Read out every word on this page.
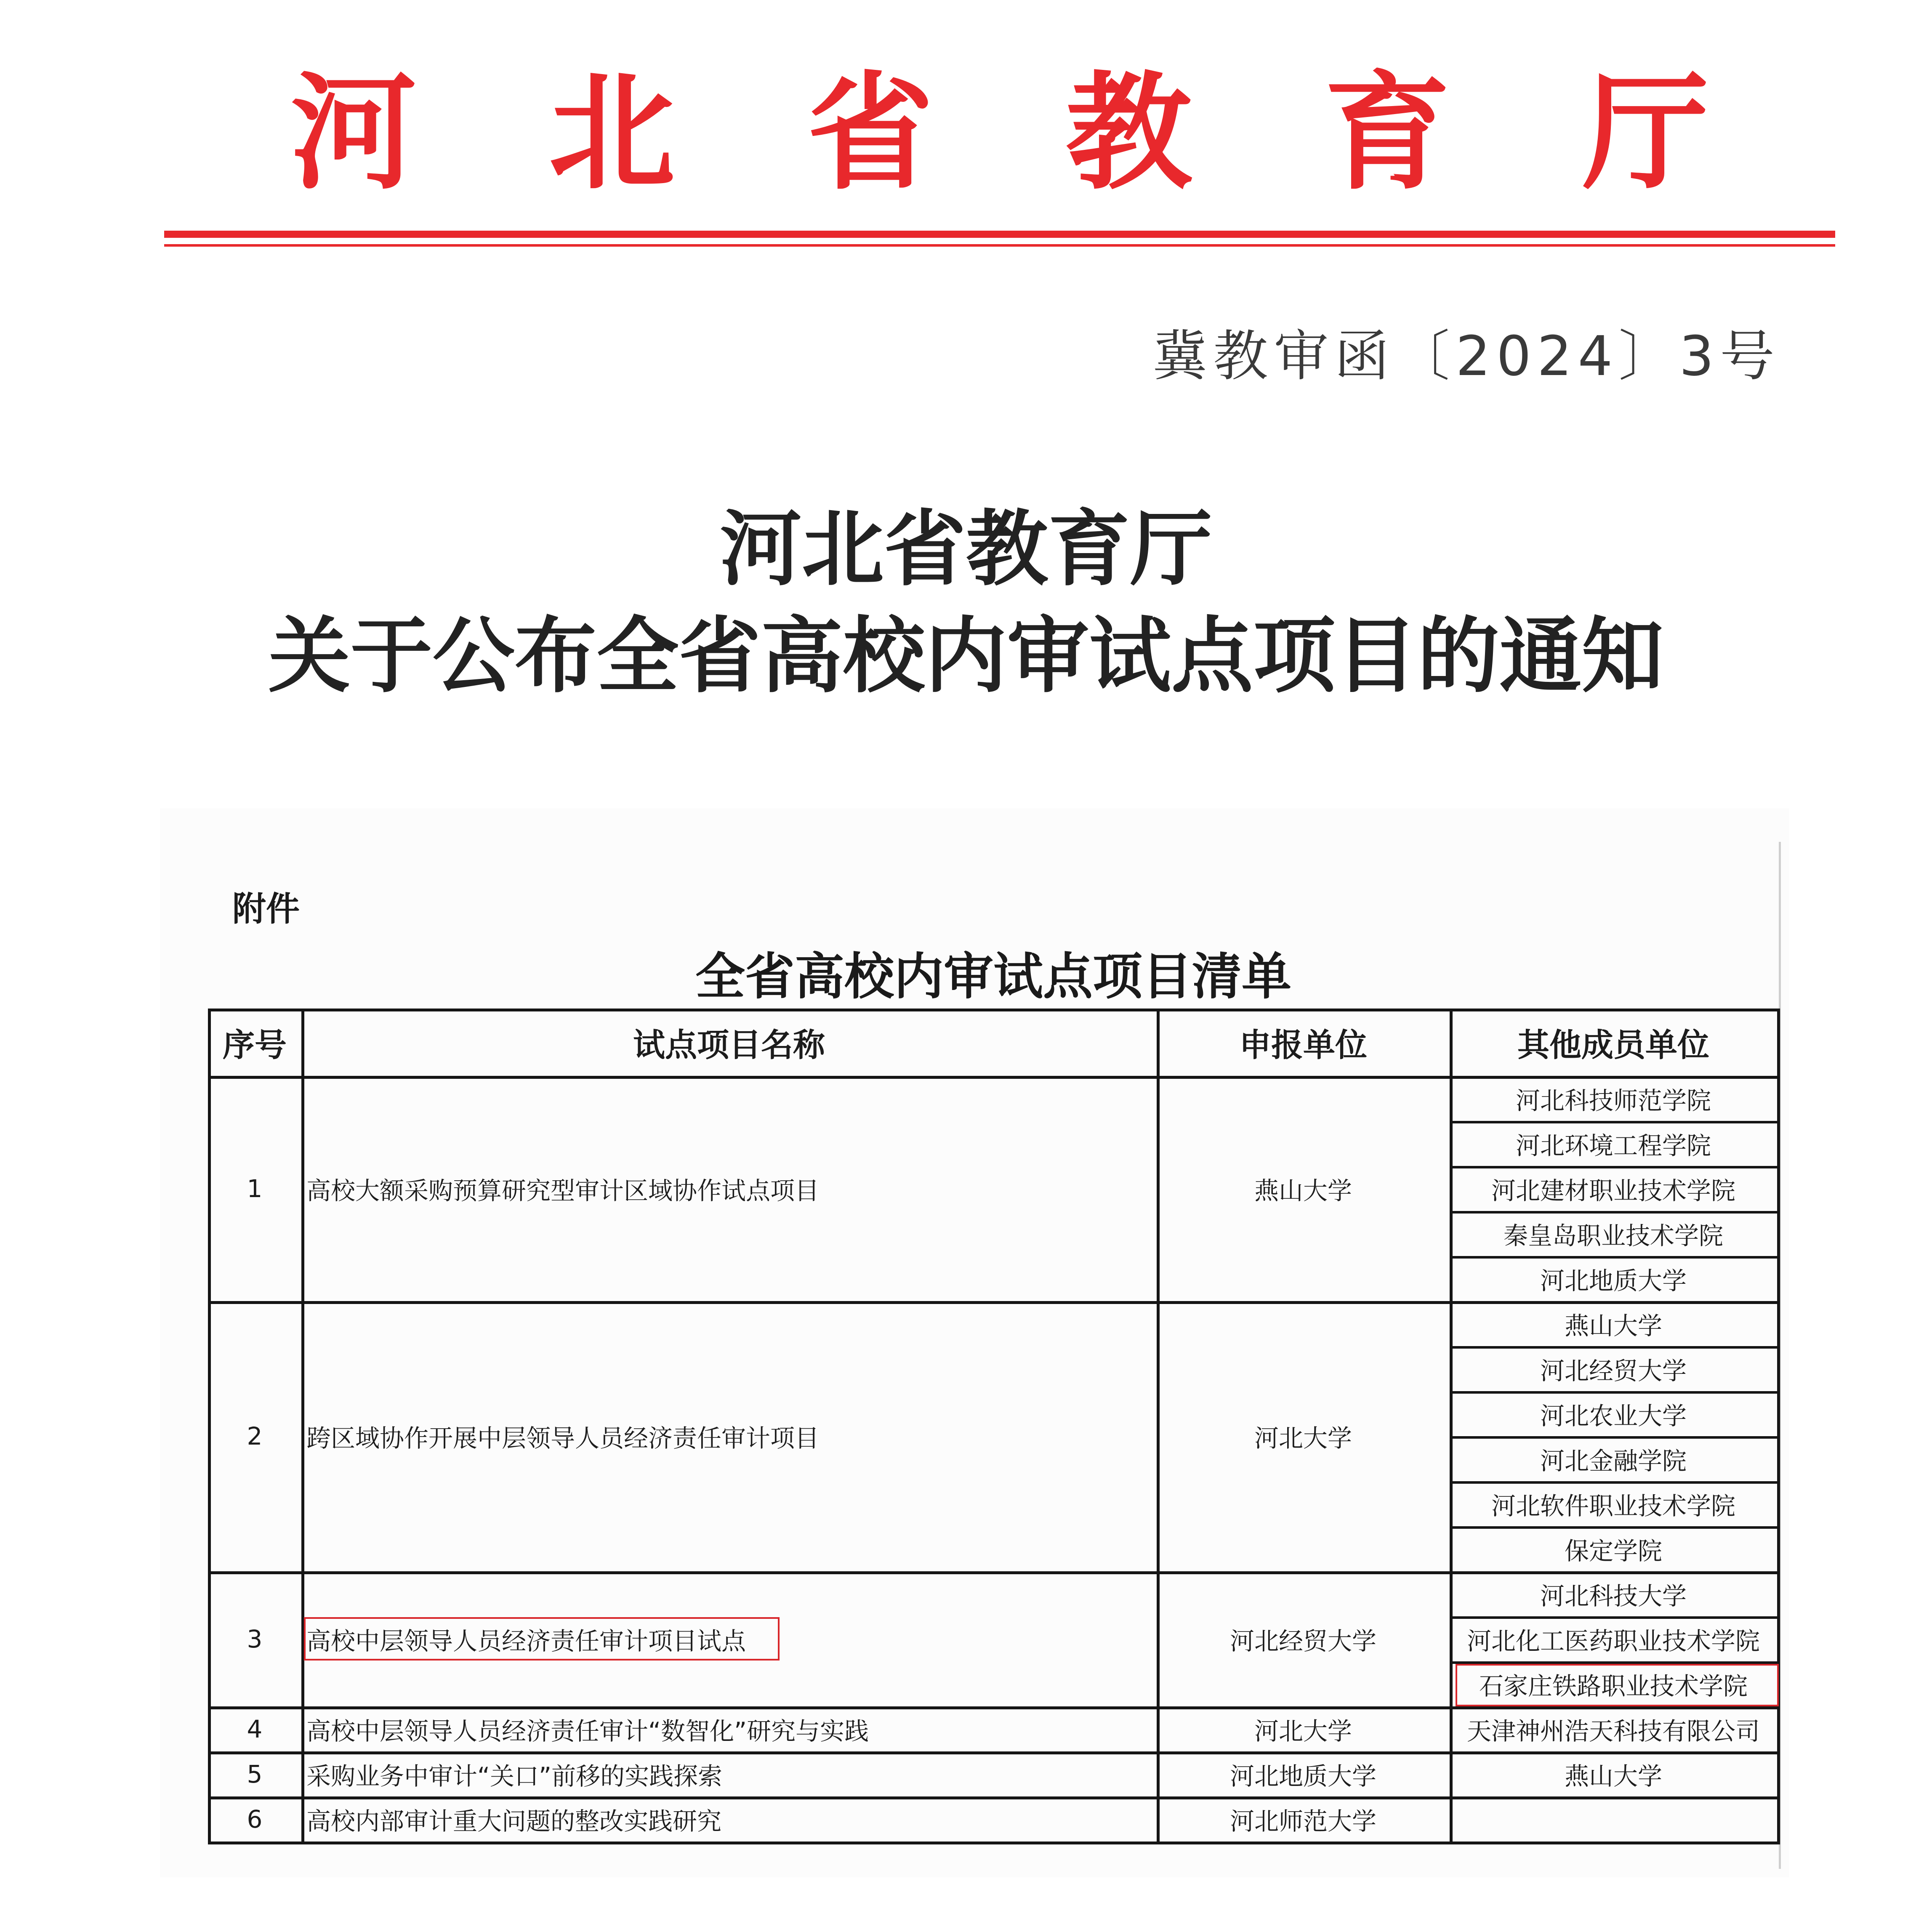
河 北 省 教 育 厅
冀教审函〔2024〕3号
河北省教育厅
关于公布全省高校内审试点项目的通知
附件
全省高校内审试点项目清单
序号	试点项目名称	申报单位	其他成员单位
1	高校大额采购预算研究型审计区域协作试点项目	燕山大学
河北科技师范学院
河北环境工程学院
河北建材职业技术学院
秦皇岛职业技术学院
河北地质大学
2	跨区域协作开展中层领导人员经济责任审计项目	河北大学
燕山大学
河北经贸大学
河北农业大学
河北金融学院
河北软件职业技术学院
保定学院
3	高校中层领导人员经济责任审计项目试点	河北经贸大学
河北科技大学
河北化工医药职业技术学院
石家庄铁路职业技术学院
4	高校中层领导人员经济责任审计“数智化”研究与实践	河北大学	天津神州浩天科技有限公司
5	采购业务中审计“关口”前移的实践探索	河北地质大学	燕山大学
6	高校内部审计重大问题的整改实践研究	河北师范大学
